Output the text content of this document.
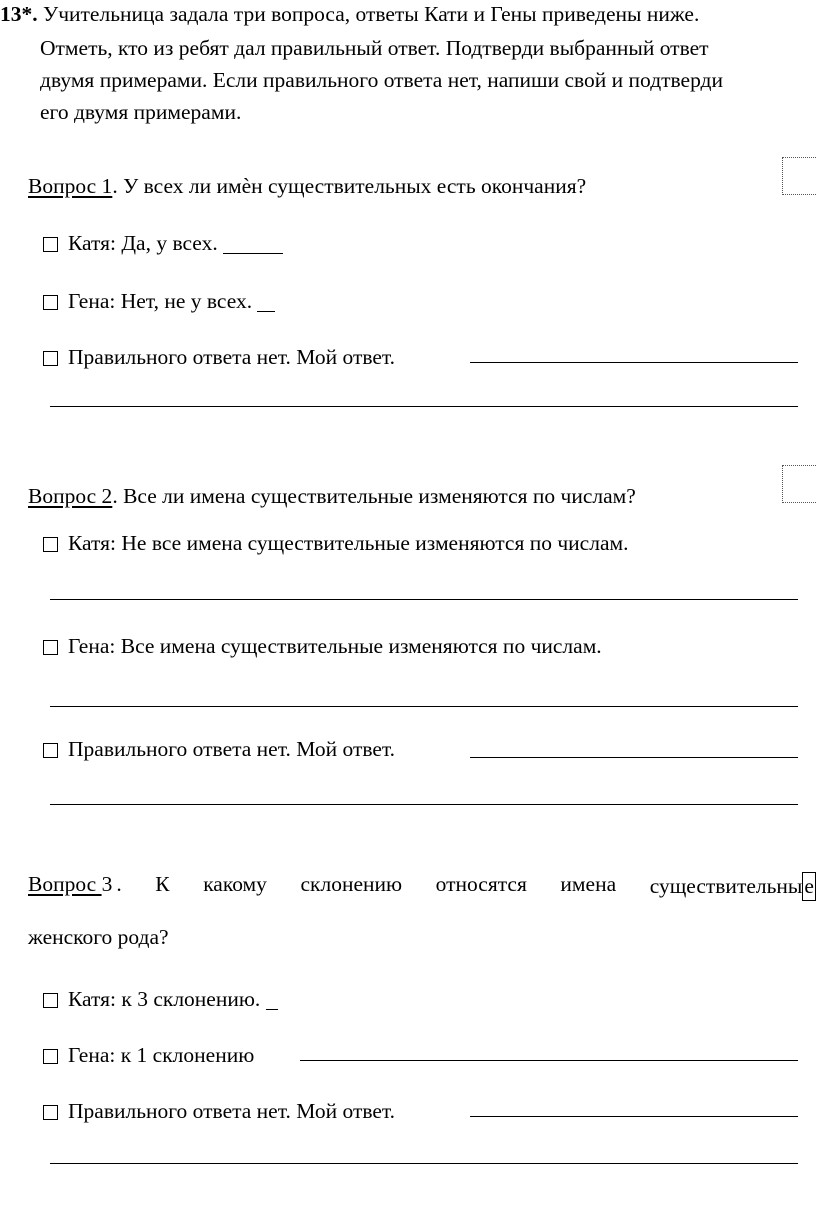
13*. Учительница задала три вопроса, ответы Кати и Гены приведены ниже.
Отметь, кто из ребят дал правильный ответ. Подтверди выбранный ответ
двумя примерами. Если правильного ответа нет, напиши свой и подтверди
его двумя примерами.
Вопрос 1. У всех ли имѐн существительных есть окончания?
Катя: Да, у всех.

Гена: Нет, не у всех.

Правильного ответа нет. Мой ответ.
Вопрос 2. Все ли имена существительные изменяются по числам?
Катя: Не все имена существительные изменяются по числам.
Гена: Все имена существительные изменяются по числам.
Правильного ответа нет. Мой ответ.
Вопрос 3 . К какому склонению относятся имена существительные
женского рода?
Катя: к 3 склонению.

Гена: к 1 склонению
Правильного ответа нет. Мой ответ.
